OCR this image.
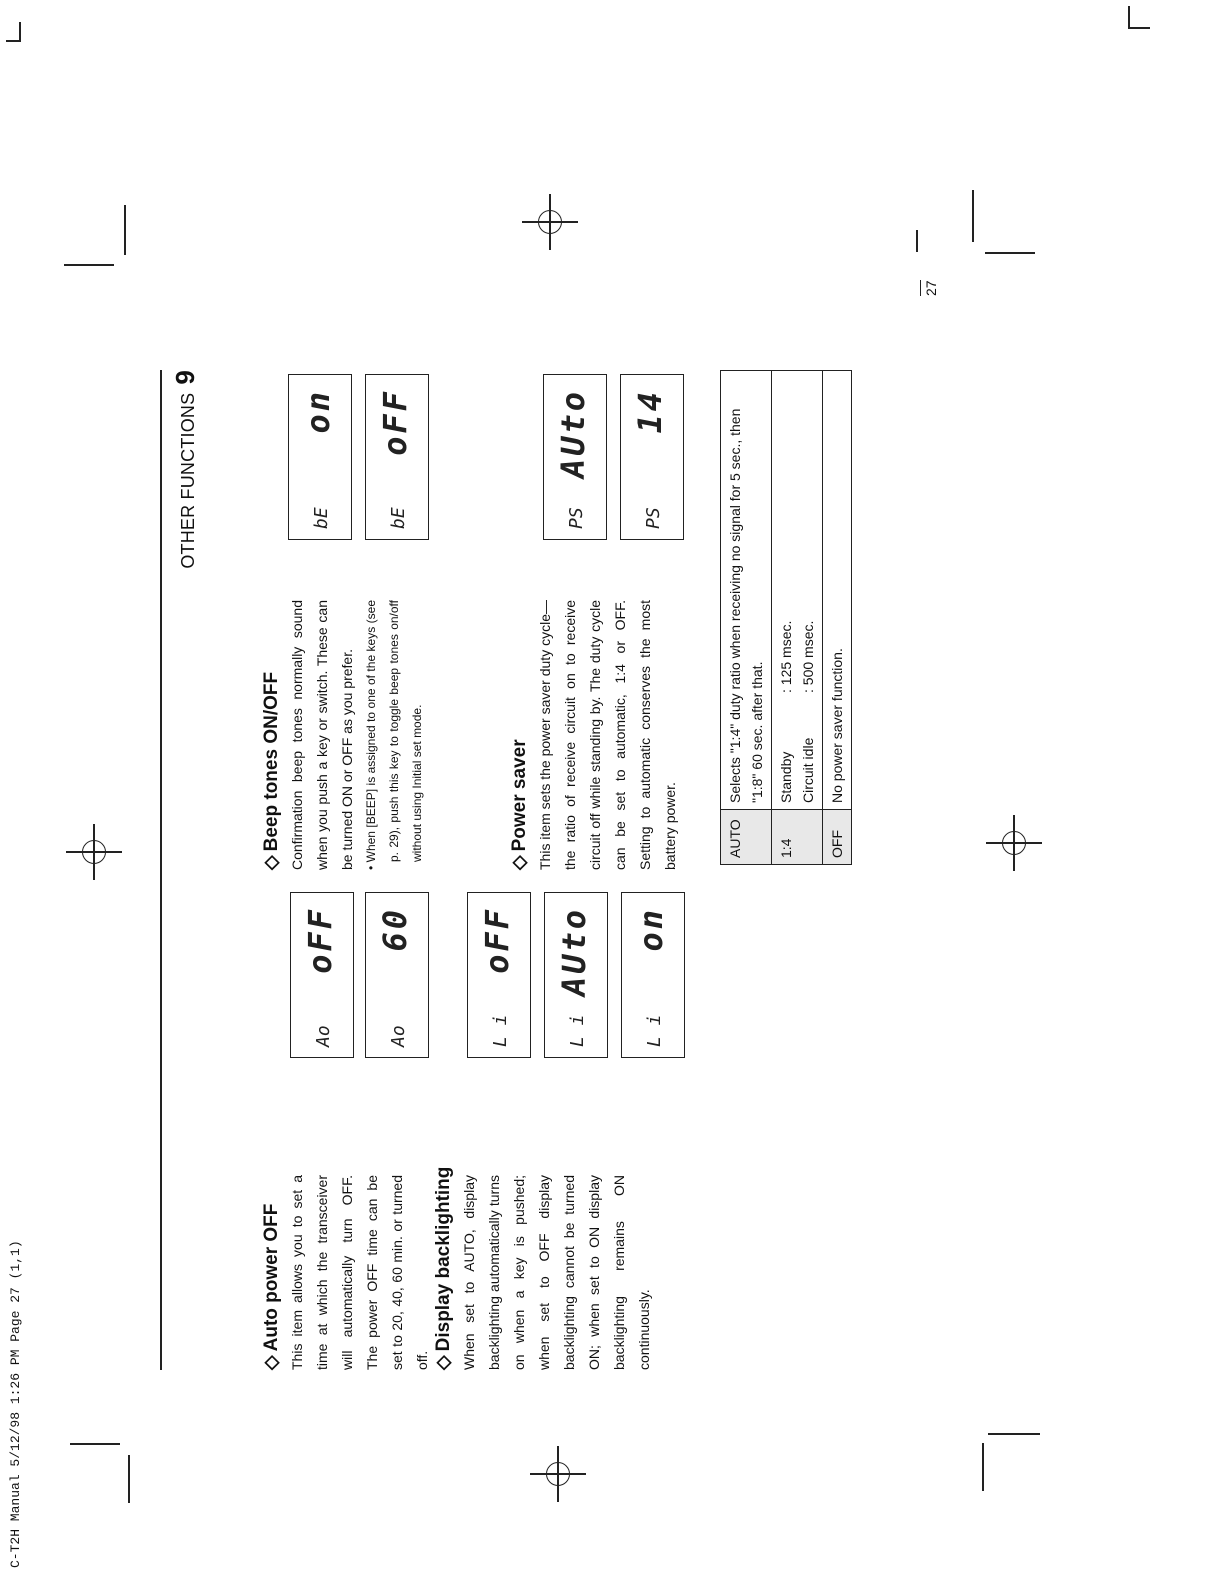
C-T2H Manual 5/12/98 1:26 PM Page 27 (1,1)
27
OTHER FUNCTIONS9
◇Auto power OFF This item allows you to set a time at which the transceiver will automatically turn OFF. The power OFF time can be set to 20, 40, 60 min. or turned off. ◇Display backlighting When set to AUTO, display backlighting automatically turns on when a key is pushed; when set to OFF display backlighting cannot be turned ON; when set to ON display backlighting remains ON continuously.
Ao
oFF
Ao
60
L i
oFF
L i
AUto
L i
on
◇Beep tones ON/OFF Confirmation beep tones normally sound when you push a key or switch. These can be turned ON or OFF as you prefer. • When [BEEP] is assigned to one of the keys (see p. 29), push this key to toggle beep tones on/off without using Initial set mode.
◇Power saver This item sets the power saver duty cycle—the ratio of receive circuit on to receive circuit off while standing by. The duty cycle can be set to automatic, 1:4 or OFF. Setting to automatic conserves the most battery power.
bE
on
bE
oFF
PS
AUto
PS
14
AUTO	Selects "1:4" duty ratio when receiving no signal for 5 sec., then "1:8" 60 sec. after that.
1:4	Standby
: 125 msec.
Circuit idle
: 500 msec.

OFF	No power saver function.
